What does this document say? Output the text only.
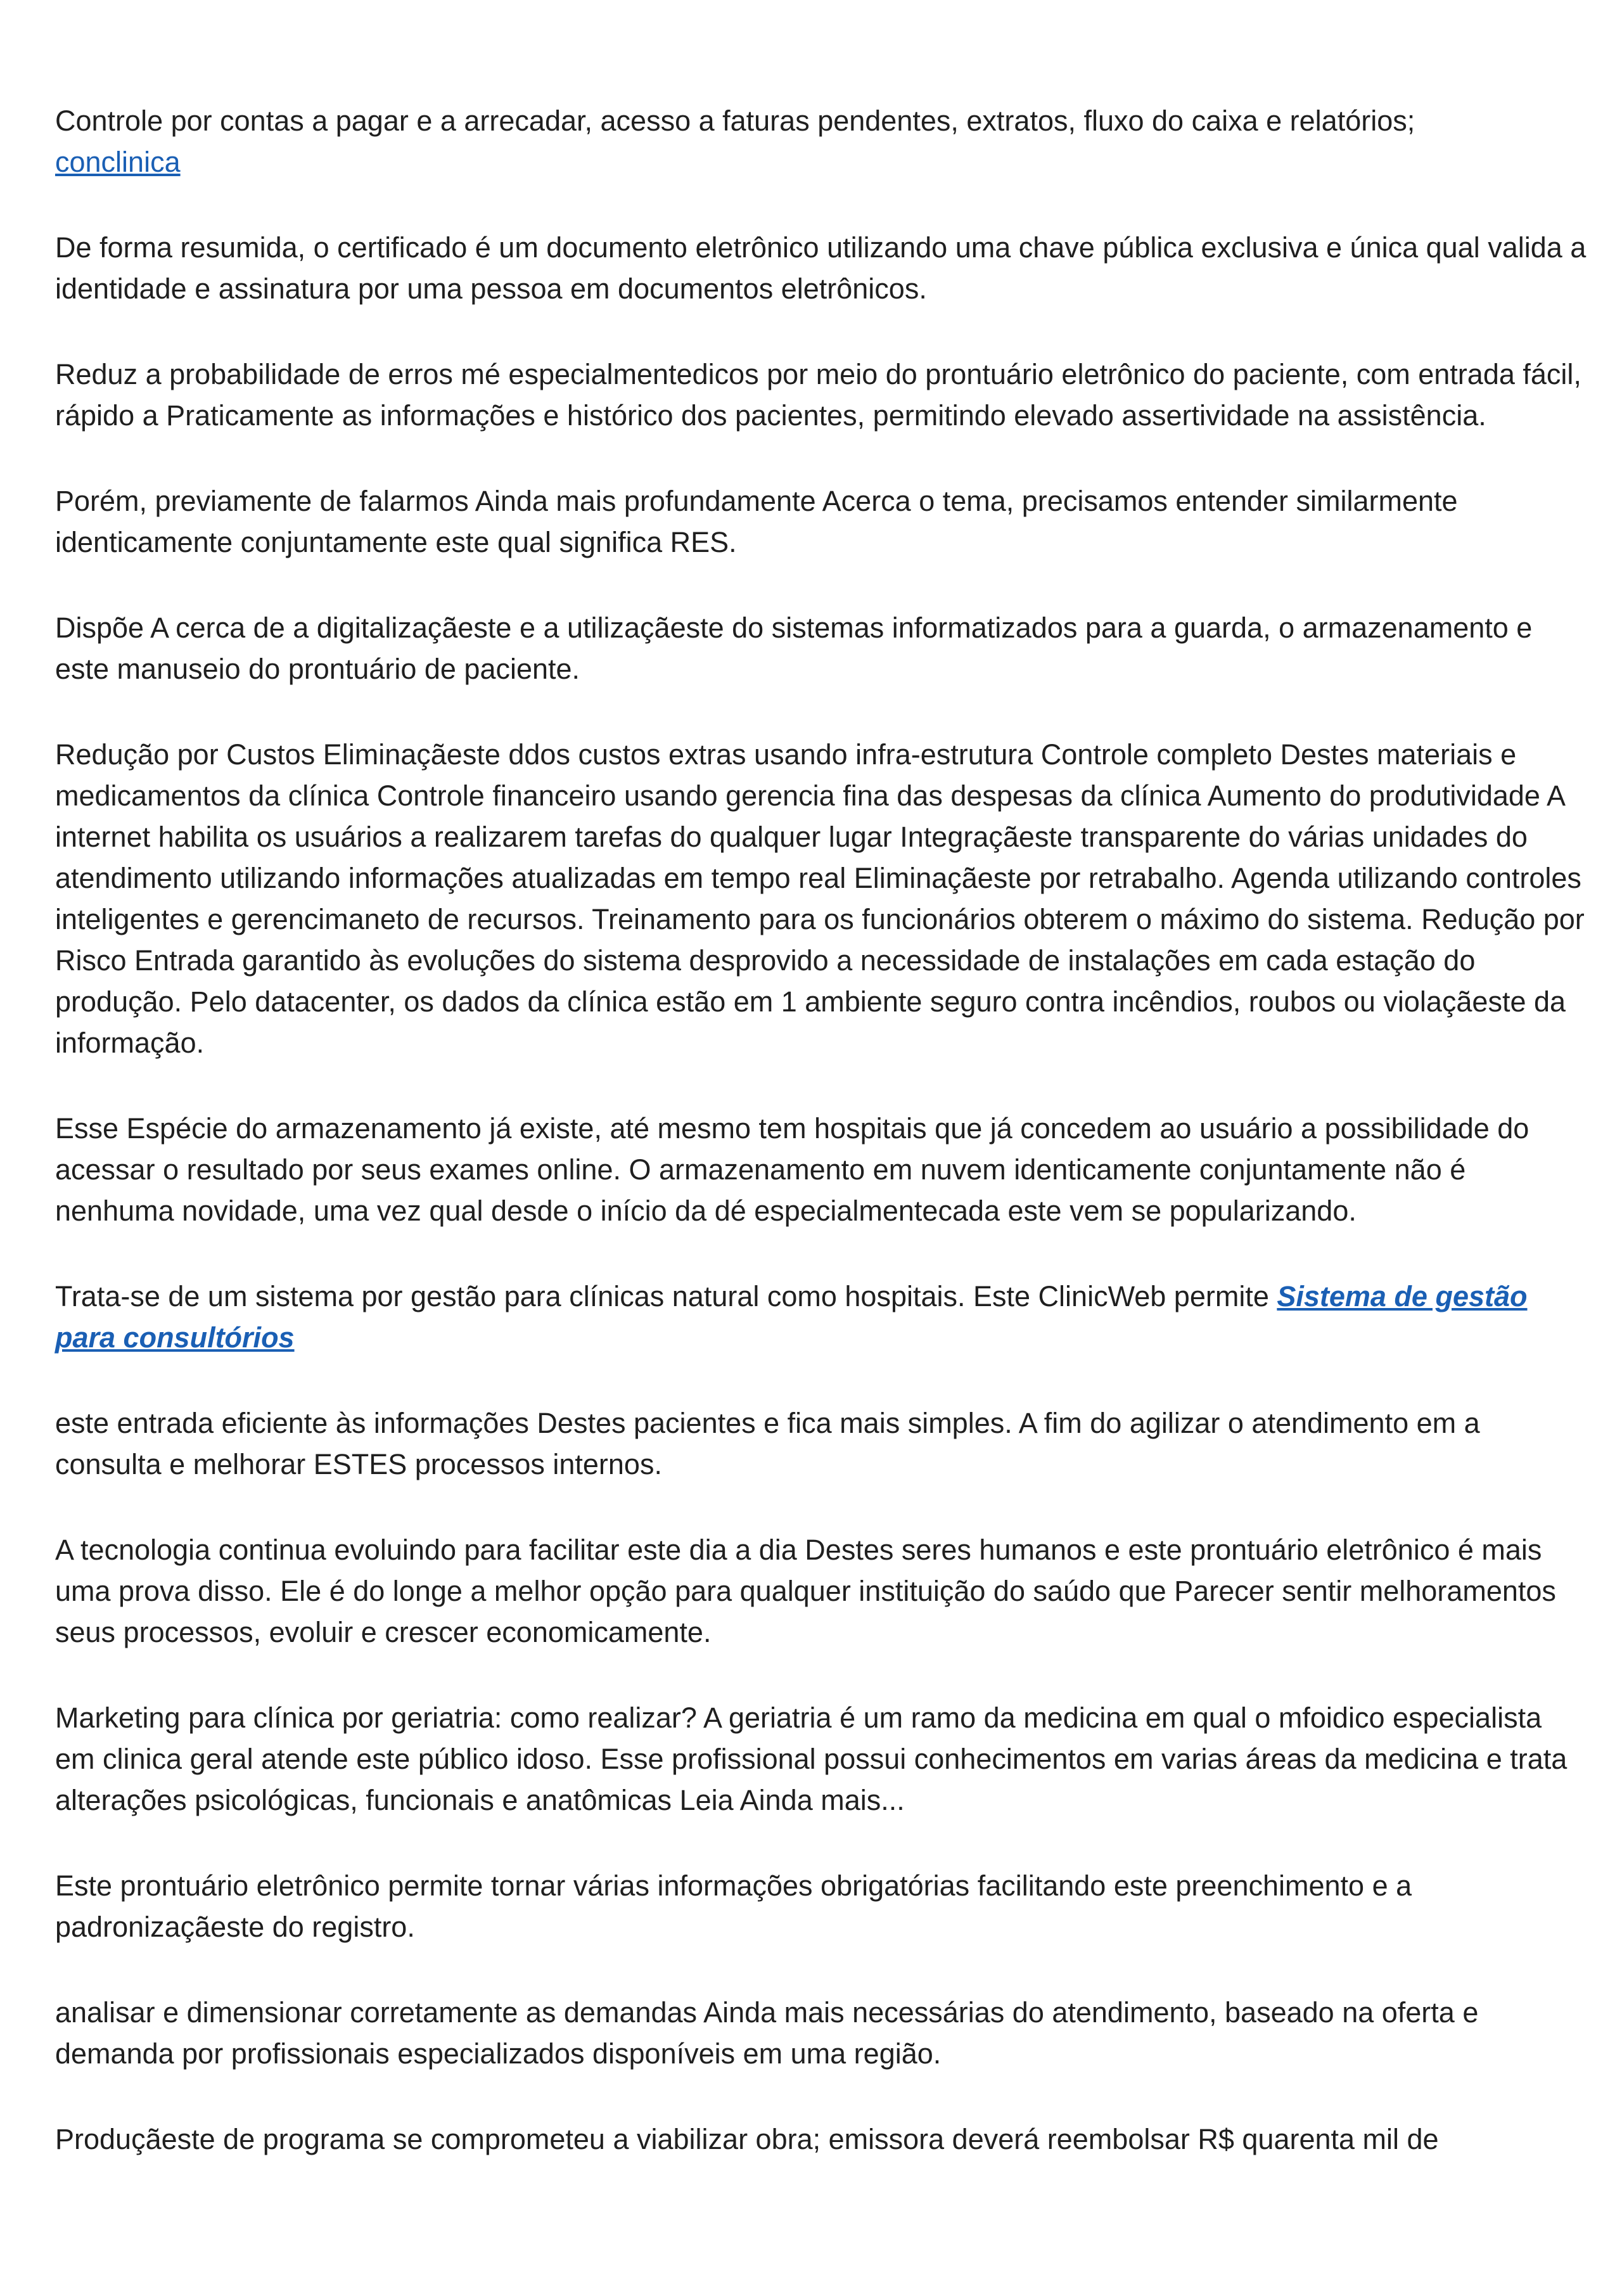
Controle por contas a pagar e a arrecadar, acesso a faturas pendentes, extratos, fluxo do caixa e relatórios;
conclinica

De forma resumida, o certificado é um documento eletrônico utilizando uma chave pública exclusiva e única qual valida a identidade e assinatura por uma pessoa em documentos eletrônicos.

Reduz a probabilidade de erros mé especialmentedicos por meio do prontuário eletrônico do paciente, com entrada fácil, rápido a Praticamente as informações e histórico dos pacientes, permitindo elevado assertividade na assistência.

Porém, previamente de falarmos Ainda mais profundamente Acerca o tema, precisamos entender similarmente identicamente conjuntamente este qual significa RES.

Dispõe A cerca de a digitalizaçãeste e a utilizaçãeste do sistemas informatizados para a guarda, o armazenamento e este manuseio do prontuário de paciente.

Redução por Custos Eliminaçãeste ddos custos extras usando infra-estrutura Controle completo Destes materiais e medicamentos da clínica Controle financeiro usando gerencia fina das despesas da clínica Aumento do produtividade A internet habilita os usuários a realizarem tarefas do qualquer lugar Integraçãeste transparente do várias unidades do atendimento utilizando informações atualizadas em tempo real Eliminaçãeste por retrabalho. Agenda utilizando controles inteligentes e gerencimaneto de recursos. Treinamento para os funcionários obterem o máximo do sistema. Redução por Risco Entrada garantido às evoluções do sistema desprovido a necessidade de instalações em cada estação do produção. Pelo datacenter, os dados da clínica estão em 1 ambiente seguro contra incêndios, roubos ou violaçãeste da informação.

Esse Espécie do armazenamento já existe, até mesmo tem hospitais que já concedem ao usuário a possibilidade do acessar o resultado por seus exames online. O armazenamento em nuvem identicamente conjuntamente não é nenhuma novidade, uma vez qual desde o início da dé especialmentecada este vem se popularizando.

Trata-se de um sistema por gestão para clínicas natural como hospitais. Este ClinicWeb permite Sistema de gestão para consultórios

este entrada eficiente às informações Destes pacientes e fica mais simples. A fim do agilizar o atendimento em a consulta e melhorar ESTES processos internos.

A tecnologia continua evoluindo para facilitar este dia a dia Destes seres humanos e este prontuário eletrônico é mais uma prova disso. Ele é do longe a melhor opção para qualquer instituição do saúdo que Parecer sentir melhoramentos seus processos, evoluir e crescer economicamente.

Marketing para clínica por geriatria: como realizar? A geriatria é um ramo da medicina em qual o mfoidico especialista em clinica geral atende este público idoso. Esse profissional possui conhecimentos em varias áreas da medicina e trata alterações psicológicas, funcionais e anatômicas Leia Ainda mais...

Este prontuário eletrônico permite tornar várias informações obrigatórias facilitando este preenchimento e a padronizaçãeste do registro.

analisar e dimensionar corretamente as demandas Ainda mais necessárias do atendimento, baseado na oferta e demanda por profissionais especializados disponíveis em uma região.

Produçãeste de programa se comprometeu a viabilizar obra; emissora deverá reembolsar R$ quarenta mil de
